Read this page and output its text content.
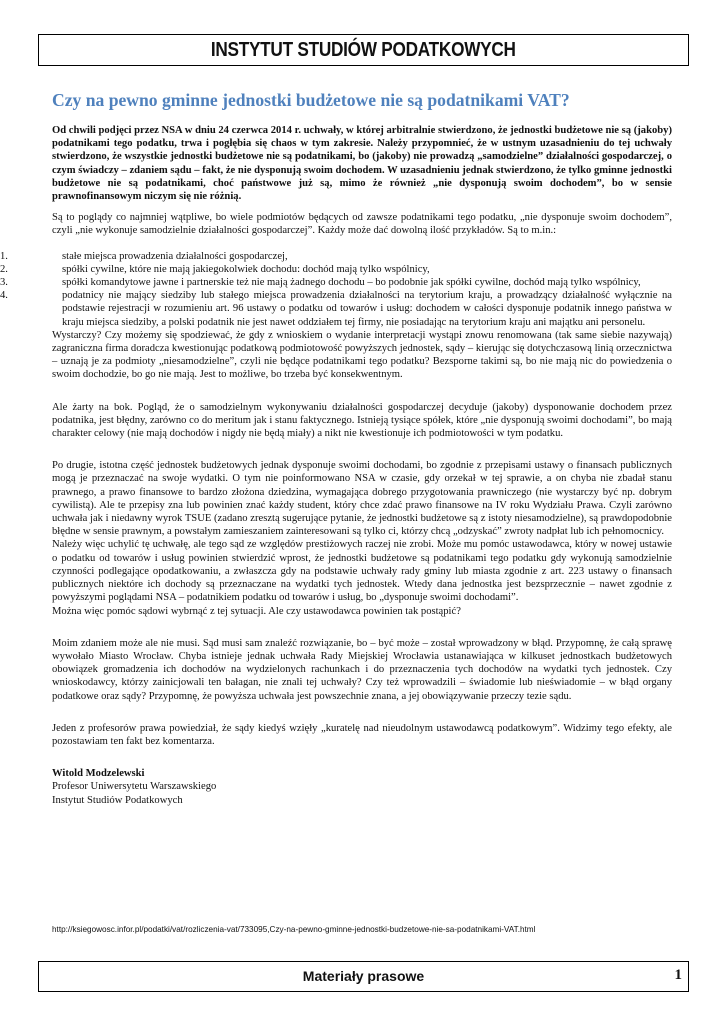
INSTYTUT STUDIÓW PODATKOWYCH
Czy na pewno gminne jednostki budżetowe nie są podatnikami VAT?

Od chwili podjęci przez NSA w dniu 24 czerwca 2014 r. uchwały, w której arbitralnie stwierdzono, że jednostki budżetowe nie są (jakoby) podatnikami tego podatku, trwa i pogłębia się chaos w tym zakresie. Należy przypomnieć, że w ustnym uzasadnieniu do tej uchwały stwierdzono, że wszystkie jednostki budżetowe nie są podatnikami, bo (jakoby) nie prowadzą „samodzielne” działalności gospodarczej, o czym świadczy – zdaniem sądu – fakt, że nie dysponują swoim dochodem. W uzasadnieniu jednak stwierdzono, że tylko gminne jednostki budżetowe nie są podatnikami, choć państwowe już są, mimo że również „nie dysponują swoim dochodem”, bo w sensie prawnofinansowym niczym się nie różnią.

Są to poglądy co najmniej wątpliwe, bo wiele podmiotów będących od zawsze podatnikami tego podatku, „nie dysponuje swoim dochodem”, czyli „nie wykonuje samodzielnie działalności gospodarczej”. Każdy może dać dowolną ilość przykładów. Są to m.in.:

1.	stałe miejsca prowadzenia działalności gospodarczej,
2.	spółki cywilne, które nie mają jakiegokolwiek dochodu: dochód mają tylko wspólnicy,
3.	spółki komandytowe jawne i partnerskie też nie mają żadnego dochodu – bo podobnie jak spółki cywilne, dochód mają tylko wspólnicy,
4.	podatnicy nie mający siedziby lub stałego miejsca prowadzenia działalności na terytorium kraju, a prowadzący działalność wyłącznie na podstawie rejestracji w rozumieniu art. 96 ustawy o podatku od towarów i usług: dochodem w całości dysponuje podatnik innego państwa w kraju miejsca siedziby, a polski podatnik nie jest nawet oddziałem tej firmy, nie posiadając na terytorium kraju ani majątku ani personelu.

Wystarczy? Czy możemy się spodziewać, że gdy z wnioskiem o wydanie interpretacji wystąpi znowu renomowana (tak same siebie nazywają) zagraniczna firma doradcza kwestionując podatkową podmiotowość powyższych jednostek, sądy – kierując się dotychczasową linią orzecznictwa – uznają je za podmioty „niesamodzielne”, czyli nie będące podatnikami tego podatku? Bezsporne takimi są, bo nie mają nic do powiedzenia o swoim dochodzie, bo go nie mają. Jest to możliwe, bo trzeba być konsekwentnym.

Ale żarty na bok. Pogląd, że o samodzielnym wykonywaniu działalności gospodarczej decyduje (jakoby) dysponowanie dochodem przez podatnika, jest błędny, zarówno co do meritum jak i stanu faktycznego. Istnieją tysiące spółek, które „nie dysponują swoimi dochodami”, bo mają charakter celowy (nie mają dochodów i nigdy nie będą miały) a nikt nie kwestionuje ich podmiotowości w tym podatku.

Po drugie, istotna część jednostek budżetowych jednak dysponuje swoimi dochodami, bo zgodnie z przepisami ustawy o finansach publicznych mogą je przeznaczać na swoje wydatki. O tym nie poinformowano NSA w czasie, gdy orzekał w tej sprawie, a on chyba nie zbadał stanu prawnego, a prawo finansowe to bardzo złożona dziedzina, wymagająca dobrego przygotowania prawniczego (nie wystarczy być np. dobrym cywilistą). Ale te przepisy zna lub powinien znać każdy student, który chce zdać prawo finansowe na IV roku Wydziału Prawa. Czyli zarówno uchwała jak i niedawny wyrok TSUE (zadano zresztą sugerujące pytanie, że jednostki budżetowe są z istoty niesamodzielne), są prawdopodobnie błędne w sensie prawnym, a powstałym zamieszaniem zainteresowani są tylko ci, którzy chcą „odzyskać” zwroty nadpłat lub ich pełnomocnicy.

Należy więc uchylić tę uchwałę, ale tego sąd ze względów prestiżowych raczej nie zrobi. Może mu pomóc ustawodawca, który w nowej ustawie o podatku od towarów i usług powinien stwierdzić wprost, że jednostki budżetowe są podatnikami tego podatku gdy wykonują samodzielnie czynności podlegające opodatkowaniu, a zwłaszcza gdy na podstawie uchwały rady gminy lub miasta zgodnie z art. 223 ustawy o finansach publicznych niektóre ich dochody są przeznaczane na wydatki tych jednostek. Wtedy dana jednostka jest bezsprzecznie – nawet zgodnie z powyższymi poglądami NSA – podatnikiem podatku od towarów i usług, bo „dysponuje swoimi dochodami”.

Można więc pomóc sądowi wybrnąć z tej sytuacji. Ale czy ustawodawca powinien tak postąpić?

Moim zdaniem może ale nie musi. Sąd musi sam znaleźć rozwiązanie, bo – być może – został wprowadzony w błąd. Przypomnę, że całą sprawę wywołało Miasto Wrocław. Chyba istnieje jednak uchwała Rady Miejskiej Wrocławia ustanawiająca w kilkuset jednostkach budżetowych obowiązek gromadzenia ich dochodów na wydzielonych rachunkach i do przeznaczenia tych dochodów na wydatki tych jednostek. Czy wnioskodawcy, którzy zainicjowali ten bałagan, nie znali tej uchwały? Czy też wprowadzili – świadomie lub nieświadomie – w błąd organy podatkowe oraz sądy? Przypomnę, że powyższa uchwała jest powszechnie znana, a jej obowiązywanie przeczy tezie sądu.

Jeden z profesorów prawa powiedział, że sądy kiedyś wzięły „kuratelę nad nieudolnym ustawodawcą podatkowym”. Widzimy tego efekty, ale pozostawiam ten fakt bez komentarza.

Witold Modzelewski
Profesor Uniwersytetu Warszawskiego
Instytut Studiów Podatkowych
http://ksiegowosc.infor.pl/podatki/vat/rozliczenia-vat/733095,Czy-na-pewno-gminne-jednostki-budzetowe-nie-sa-podatnikami-VAT.html
Materiały prasowe	1
